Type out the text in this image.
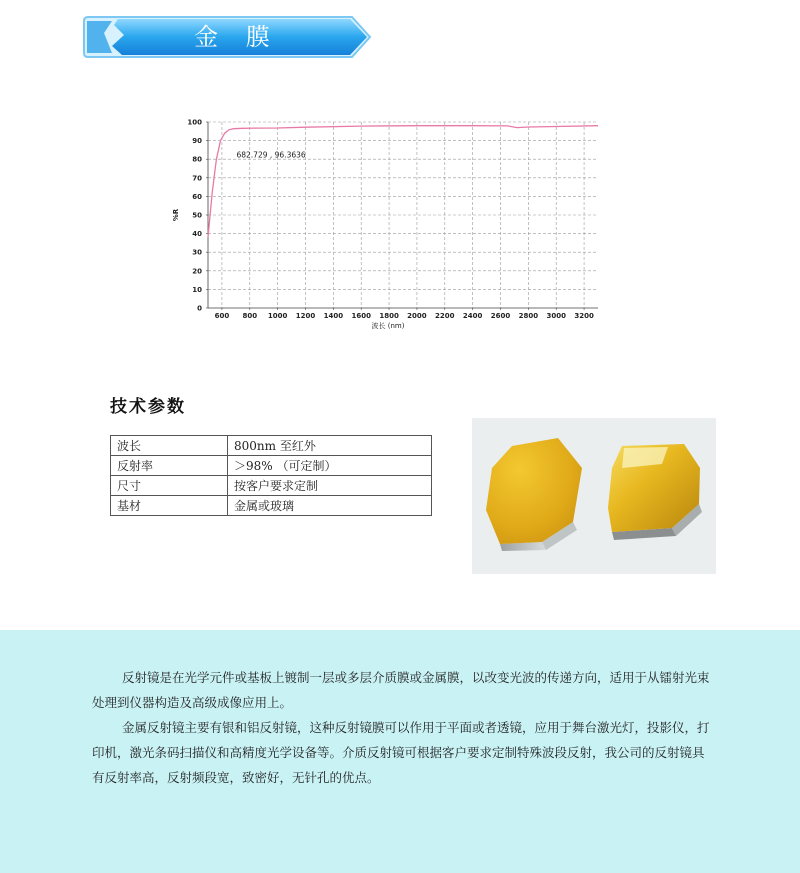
金 膜
0
10
20
30
40
50
60
70
80
90
100
600 800 1000 1200 1400 1600 1800 2000 2200 2400 2600 2800 3000 3200
682.729 , 96.3636
%R
波长 (nm)
技术参数
波长	800nm 至红外
反射率	＞98% （可定制）
尺寸	按客户要求定制
基材	金属或玻璃

反射镜是在光学元件或基板上镀制一层或多层介质膜或金属膜，以改变光波的传递方向，适用于从镭射光束处理到仪器构造及高级成像应用上。

金属反射镜主要有银和铝反射镜，这种反射镜膜可以作用于平面或者透镜，应用于舞台激光灯，投影仪，打印机，激光条码扫描仪和高精度光学设备等。介质反射镜可根据客户要求定制特殊波段反射，我公司的反射镜具有反射率高，反射频段宽，致密好，无针孔的优点。
